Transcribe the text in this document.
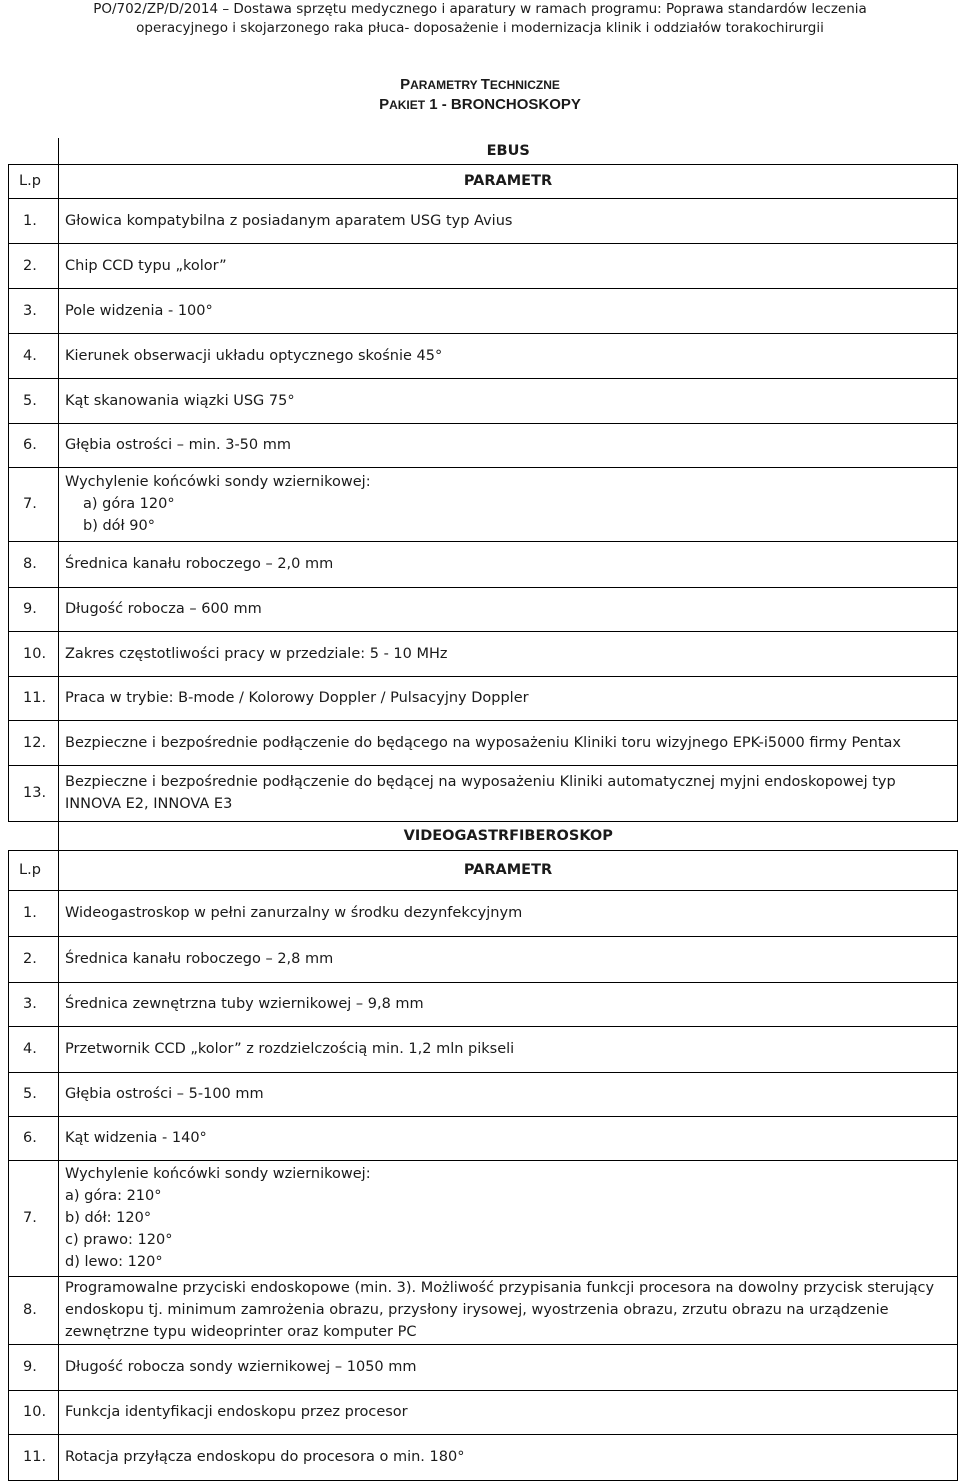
PO/702/ZP/D/2014 – Dostawa sprzętu medycznego i aparatury w ramach programu: Poprawa standardów leczenia
operacyjnego i skojarzonego raka płuca- doposażenie i modernizacja klinik i oddziałów torakochirurgii
PARAMETRY TECHNICZNE
PAKIET 1 - BRONCHOSKOPY
	EBUS
L.p	PARAMETR
1.	Głowica kompatybilna z posiadanym aparatem USG typ Avius
2.	Chip CCD typu „kolor”
3.	Pole widzenia - 100°
4.	Kierunek obserwacji układu optycznego skośnie 45°
5.	Kąt skanowania wiązki USG 75°
6.	Głębia ostrości – min. 3-50 mm
7.	Wychylenie końcówki sondy wziernikowej:
a) góra 120°
b) dół 90°

8.	Średnica kanału roboczego – 2,0 mm
9.	Długość robocza – 600 mm
10.	Zakres częstotliwości pracy w przedziale: 5 - 10 MHz
11.	Praca w trybie: B-mode / Kolorowy Doppler / Pulsacyjny Doppler
12.	Bezpieczne i bezpośrednie podłączenie do będącego na wyposażeniu Kliniki toru wizyjnego EPK-i5000 firmy Pentax
13.	Bezpieczne i bezpośrednie podłączenie do będącej na wyposażeniu Kliniki automatycznej myjni endoskopowej typ INNOVA E2, INNOVA E3
	VIDEOGASTRFIBEROSKOP
L.p	PARAMETR
1.	Wideogastroskop w pełni zanurzalny w środku dezynfekcyjnym
2.	Średnica kanału roboczego – 2,8 mm
3.	Średnica zewnętrzna tuby wziernikowej – 9,8 mm
4.	Przetwornik CCD „kolor” z rozdzielczością min. 1,2 mln pikseli
5.	Głębia ostrości – 5-100 mm
6.	Kąt widzenia - 140°
7.	Wychylenie końcówki sondy wziernikowej:
a) góra: 210°
b) dół: 120°
c) prawo: 120°
d) lewo: 120°

8.	Programowalne przyciski endoskopowe (min. 3). Możliwość przypisania funkcji procesora na dowolny przycisk sterujący endoskopu tj. minimum zamrożenia obrazu, przysłony irysowej, wyostrzenia obrazu, zrzutu obrazu na urządzenie zewnętrzne typu wideoprinter oraz komputer PC
9.	Długość robocza sondy wziernikowej – 1050 mm
10.	Funkcja identyfikacji endoskopu przez procesor
11.	Rotacja przyłącza endoskopu do procesora o min. 180°
